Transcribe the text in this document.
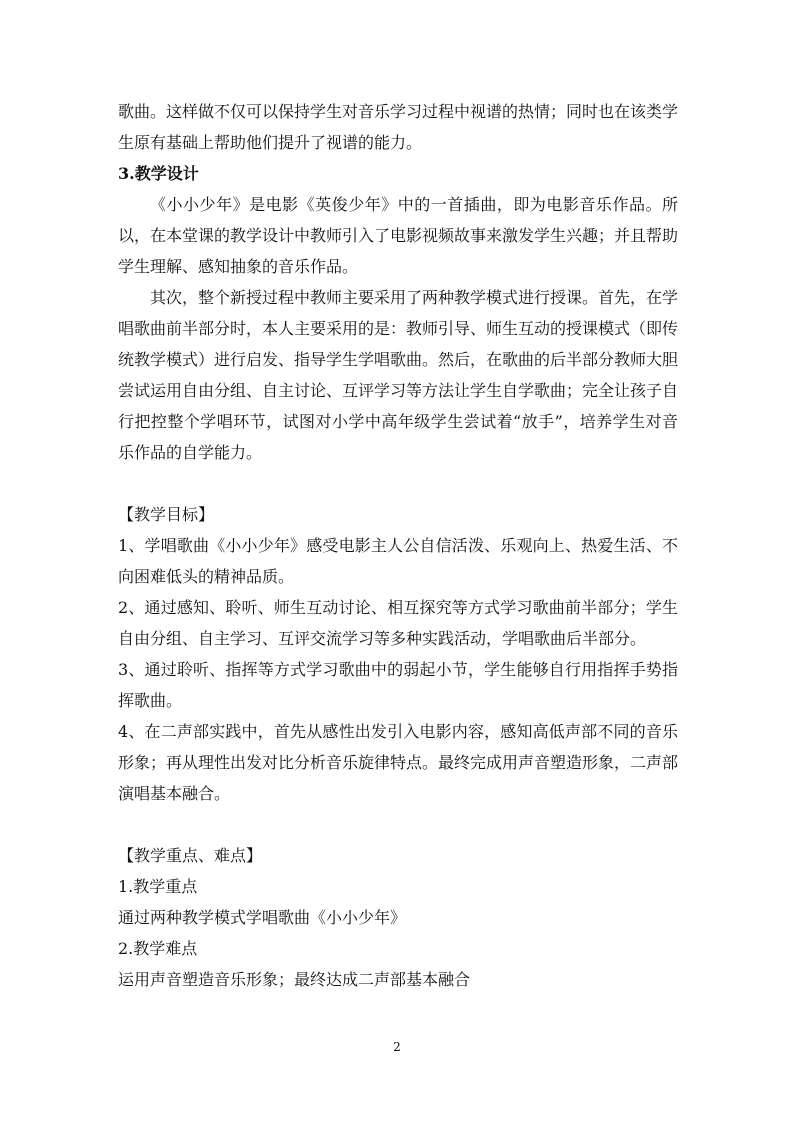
歌曲。这样做不仅可以保持学生对音乐学习过程中视谱的热情；同时也在该类学生原有基础上帮助他们提升了视谱的能力。

3.教学设计

《小小少年》是电影《英俊少年》中的一首插曲，即为电影音乐作品。所以，在本堂课的教学设计中教师引入了电影视频故事来激发学生兴趣；并且帮助学生理解、感知抽象的音乐作品。

其次，整个新授过程中教师主要采用了两种教学模式进行授课。首先，在学唱歌曲前半部分时，本人主要采用的是：教师引导、师生互动的授课模式（即传统教学模式）进行启发、指导学生学唱歌曲。然后，在歌曲的后半部分教师大胆尝试运用自由分组、自主讨论、互评学习等方法让学生自学歌曲；完全让孩子自行把控整个学唱环节，试图对小学中高年级学生尝试着“放手”，培养学生对音乐作品的自学能力。

【教学目标】

1、学唱歌曲《小小少年》感受电影主人公自信活泼、乐观向上、热爱生活、不向困难低头的精神品质。

2、通过感知、聆听、师生互动讨论、相互探究等方式学习歌曲前半部分；学生自由分组、自主学习、互评交流学习等多种实践活动，学唱歌曲后半部分。

3、通过聆听、指挥等方式学习歌曲中的弱起小节，学生能够自行用指挥手势指挥歌曲。

4、在二声部实践中，首先从感性出发引入电影内容，感知高低声部不同的音乐形象；再从理性出发对比分析音乐旋律特点。最终完成用声音塑造形象，二声部演唱基本融合。

【教学重点、难点】

1.教学重点

通过两种教学模式学唱歌曲《小小少年》

2.教学难点

运用声音塑造音乐形象；最终达成二声部基本融合

2
